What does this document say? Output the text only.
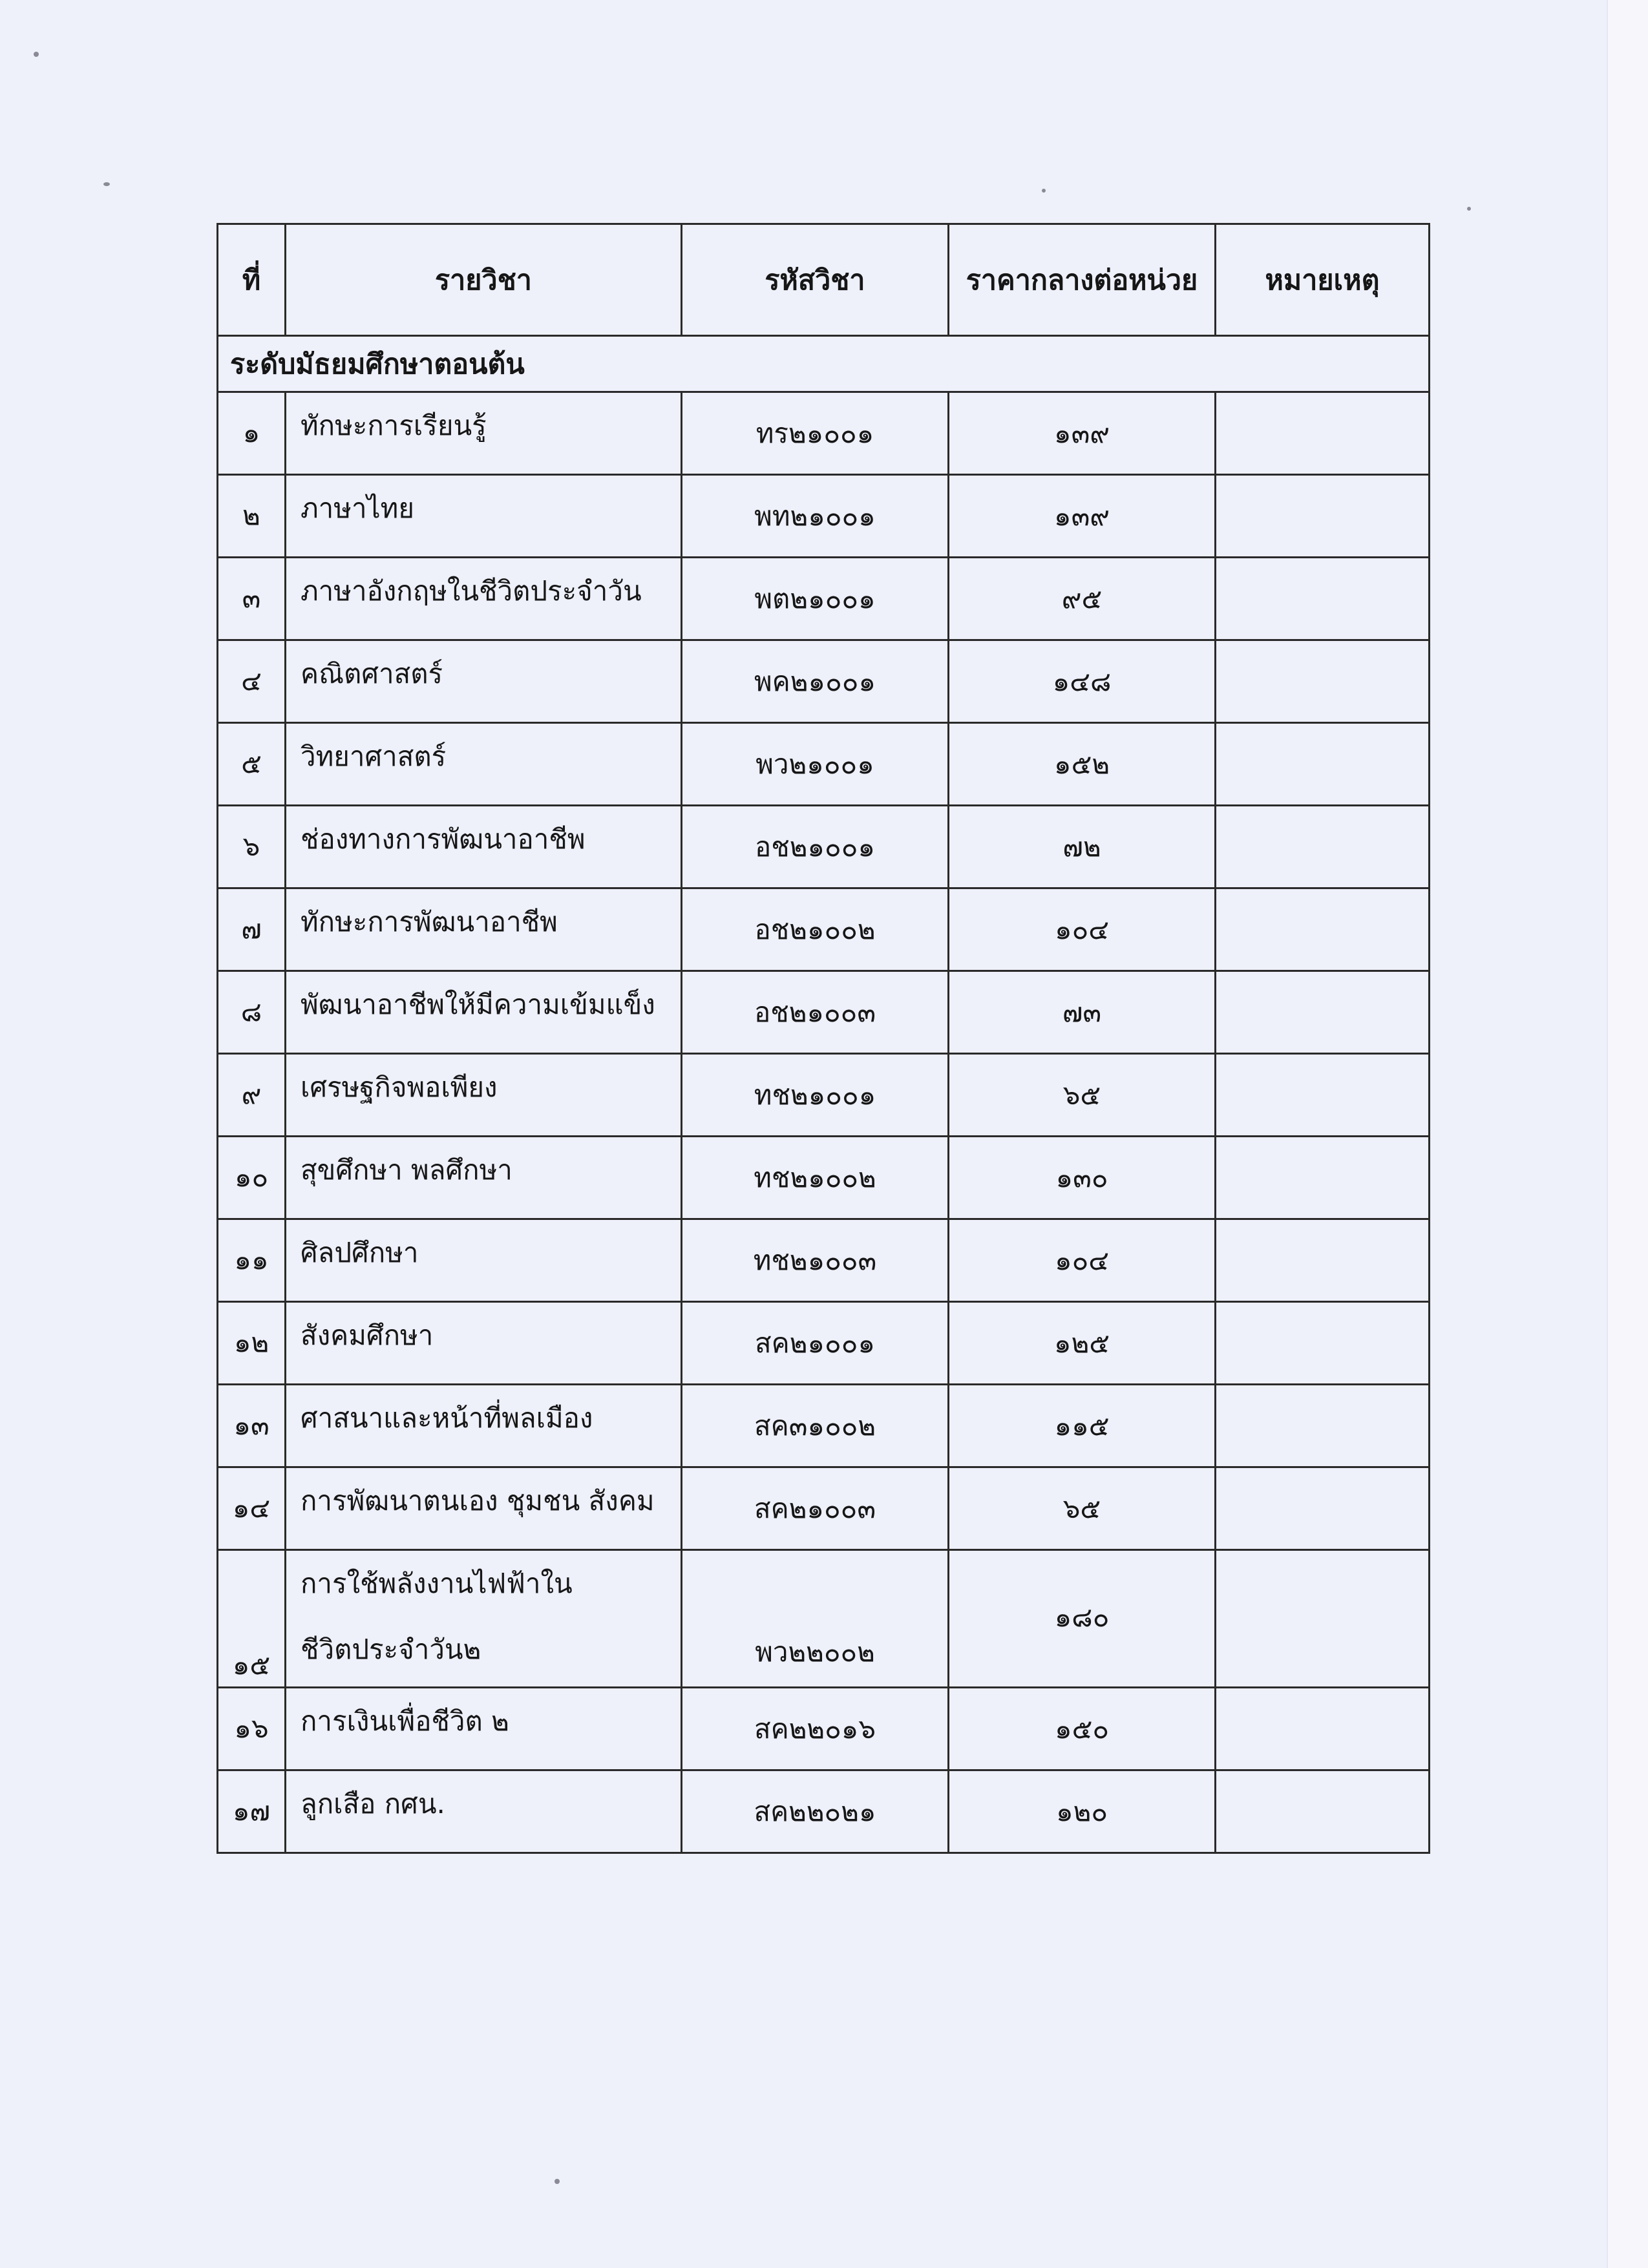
ที่	รายวิชา	รหัสวิชา	ราคากลางต่อหน่วย	หมายเหตุ
ระดับมัธยมศึกษาตอนต้น				

๑	ทักษะการเรียนรู้	ทร๒๑๐๐๑	๑๓๙	

๒	ภาษาไทย	พท๒๑๐๐๑	๑๓๙	

๓	ภาษาอังกฤษในชีวิตประจำวัน	พต๒๑๐๐๑	๙๕	

๔	คณิตศาสตร์	พค๒๑๐๐๑	๑๔๘	

๕	วิทยาศาสตร์	พว๒๑๐๐๑	๑๕๒	

๖	ช่องทางการพัฒนาอาชีพ	อช๒๑๐๐๑	๗๒	

๗	ทักษะการพัฒนาอาชีพ	อช๒๑๐๐๒	๑๐๔	

๘	พัฒนาอาชีพให้มีความเข้มแข็ง	อช๒๑๐๐๓	๗๓	

๙	เศรษฐกิจพอเพียง	ทช๒๑๐๐๑	๖๕	

๑๐	สุขศึกษา พลศึกษา	ทช๒๑๐๐๒	๑๓๐	

๑๑	ศิลปศึกษา	ทช๒๑๐๐๓	๑๐๔	

๑๒	สังคมศึกษา	สค๒๑๐๐๑	๑๒๕	

๑๓	ศาสนาและหน้าที่พลเมือง	สค๓๑๐๐๒	๑๑๕	

๑๔	การพัฒนาตนเอง ชุมชน สังคม	สค๒๑๐๐๓	๖๕	

๑๕	การใช้พลังงานไฟฟ้าใน
ชีวิตประจำวัน๒	พว๒๒๐๐๒	๑๘๐	

๑๖	การเงินเพื่อชีวิต ๒	สค๒๒๐๑๖	๑๕๐	

๑๗	ลูกเสือ กศน.	สค๒๒๐๒๑	๑๒๐	
